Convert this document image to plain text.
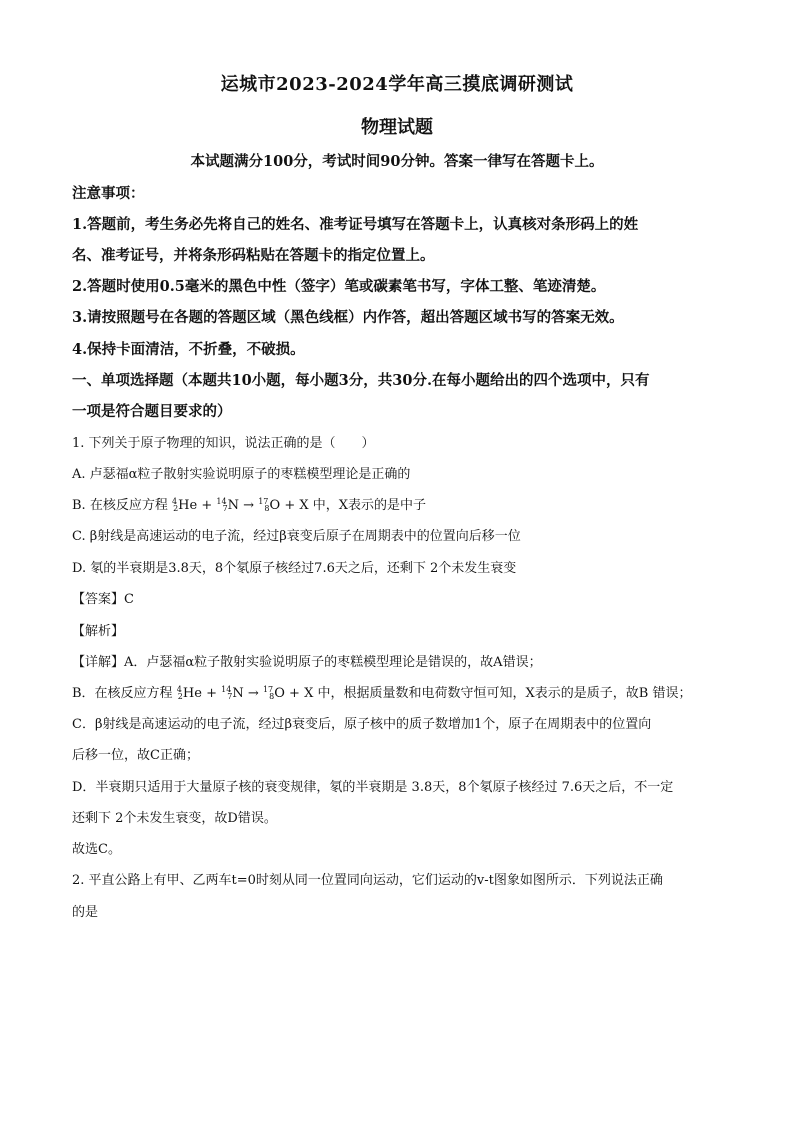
运城市2023-2024学年高三摸底调研测试
物理试题
本试题满分100分，考试时间90分钟。答案一律写在答题卡上。
注意事项：
1.答题前，考生务必先将自己的姓名、准考证号填写在答题卡上，认真核对条形码上的姓
名、准考证号，并将条形码粘贴在答题卡的指定位置上。
2.答题时使用0.5毫米的黑色中性（签字）笔或碳素笔书写，字体工整、笔迹清楚。
3.请按照题号在各题的答题区域（黑色线框）内作答，超出答题区域书写的答案无效。
4.保持卡面清洁，不折叠，不破损。
一、单项选择题（本题共10小题，每小题3分，共30分.在每小题给出的四个选项中，只有
一项是符合题目要求的）
1. 下列关于原子物理的知识，说法正确的是（　　）
A. 卢瑟福α粒子散射实验说明原子的枣糕模型理论是正确的
B. 在核反应方程 $^4_2$He + $^{14}_7$N → $^{17}_8$O + X 中，X表示的是中子
C. β射线是高速运动的电子流，经过β衰变后原子在周期表中的位置向后移一位
D. 氡的半衰期是3.8天，8个氡原子核经过7.6天之后，还剩下 2个未发生衰变
【答案】C
【解析】
【详解】A．卢瑟福α粒子散射实验说明原子的枣糕模型理论是错误的，故A错误；
B．在核反应方程 $^4_2$He + $^{14}_7$N → $^{17}_8$O + X 中，根据质量数和电荷数守恒可知，X表示的是质子，故B 错误；
C．β射线是高速运动的电子流，经过β衰变后，原子核中的质子数增加1个，原子在周期表中的位置向
后移一位，故C正确；
D．半衰期只适用于大量原子核的衰变规律，氡的半衰期是 3.8天，8个氡原子核经过 7.6天之后，不一定
还剩下 2个未发生衰变，故D错误。
故选C。
2. 平直公路上有甲、乙两车t=0时刻从同一位置同向运动，它们运动的v-t图象如图所示．下列说法正确
的是
